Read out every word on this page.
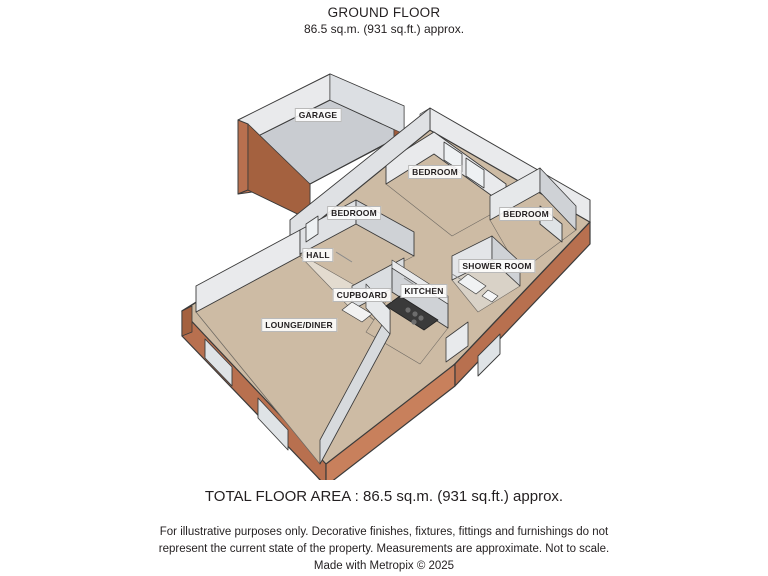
GROUND FLOOR
86.5 sq.m. (931 sq.ft.) approx.
GARAGE
BEDROOM
BEDROOM	BEDROOM
HALL
SHOWER ROOM
CUPBOARD	KITCHEN
LOUNGE/DINER
TOTAL FLOOR AREA : 86.5 sq.m. (931 sq.ft.) approx.
For illustrative purposes only. Decorative finishes, fixtures, fittings and furnishings do not
represent the current state of the property. Measurements are approximate. Not to scale.
Made with Metropix © 2025
